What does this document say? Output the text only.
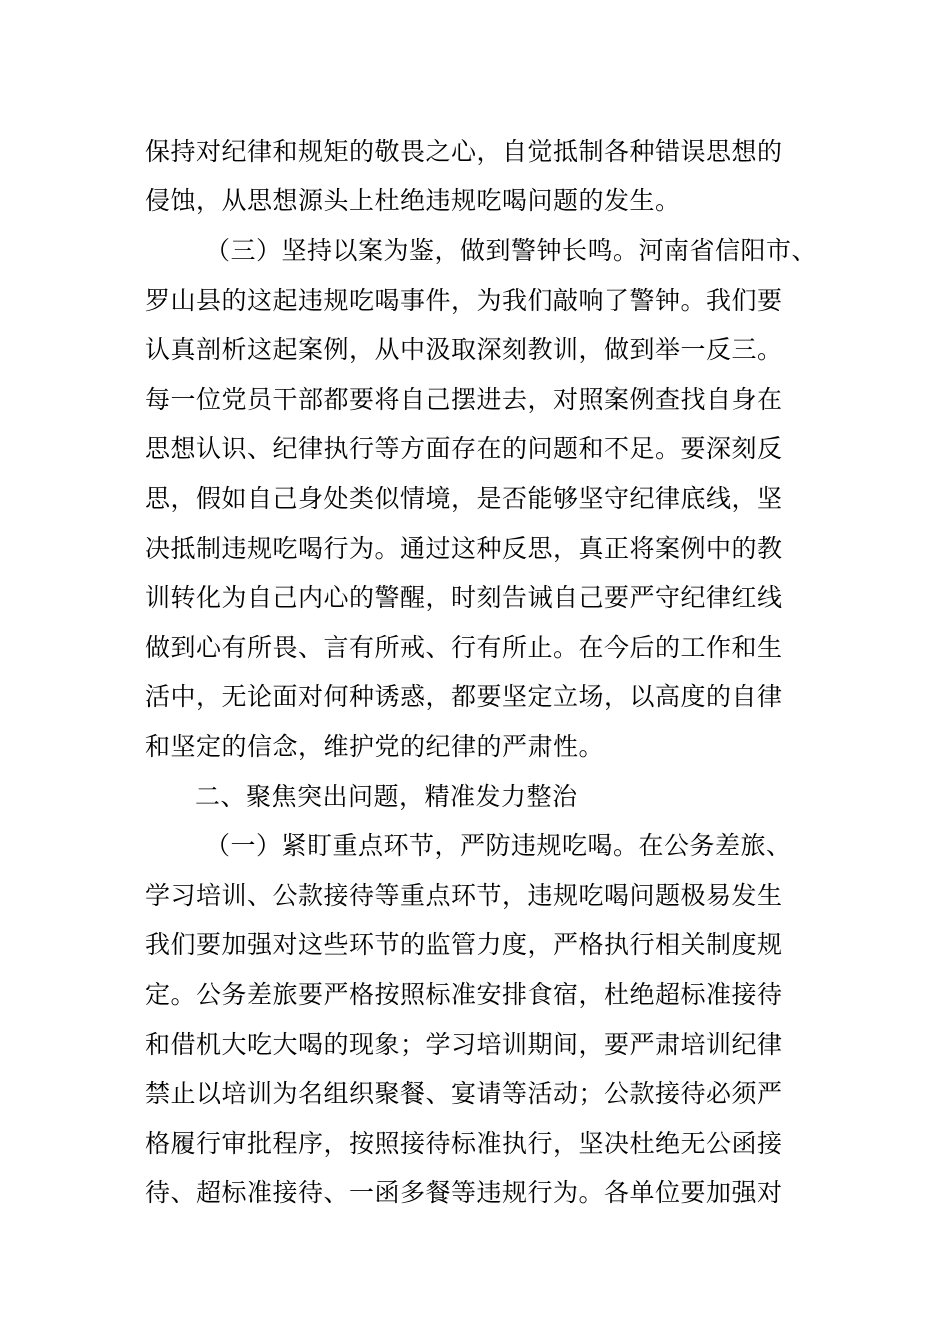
保持对纪律和规矩的敬畏之心，自觉抵制各种错误思想的
侵蚀，从思想源头上杜绝违规吃喝问题的发生。
（三）坚持以案为鉴，做到警钟长鸣。河南省信阳市、
罗山县的这起违规吃喝事件，为我们敲响了警钟。我们要
认真剖析这起案例，从中汲取深刻教训，做到举一反三。
每一位党员干部都要将自己摆进去，对照案例查找自身在
思想认识、纪律执行等方面存在的问题和不足。要深刻反
思，假如自己身处类似情境，是否能够坚守纪律底线，坚
决抵制违规吃喝行为。通过这种反思，真正将案例中的教
训转化为自己内心的警醒，时刻告诫自己要严守纪律红线
做到心有所畏、言有所戒、行有所止。在今后的工作和生
活中，无论面对何种诱惑，都要坚定立场，以高度的自律
和坚定的信念，维护党的纪律的严肃性。
二、聚焦突出问题，精准发力整治
（一）紧盯重点环节，严防违规吃喝。在公务差旅、
学习培训、公款接待等重点环节，违规吃喝问题极易发生
我们要加强对这些环节的监管力度，严格执行相关制度规
定。公务差旅要严格按照标准安排食宿，杜绝超标准接待
和借机大吃大喝的现象；学习培训期间，要严肃培训纪律
禁止以培训为名组织聚餐、宴请等活动；公款接待必须严
格履行审批程序，按照接待标准执行，坚决杜绝无公函接
待、超标准接待、一函多餐等违规行为。各单位要加强对
